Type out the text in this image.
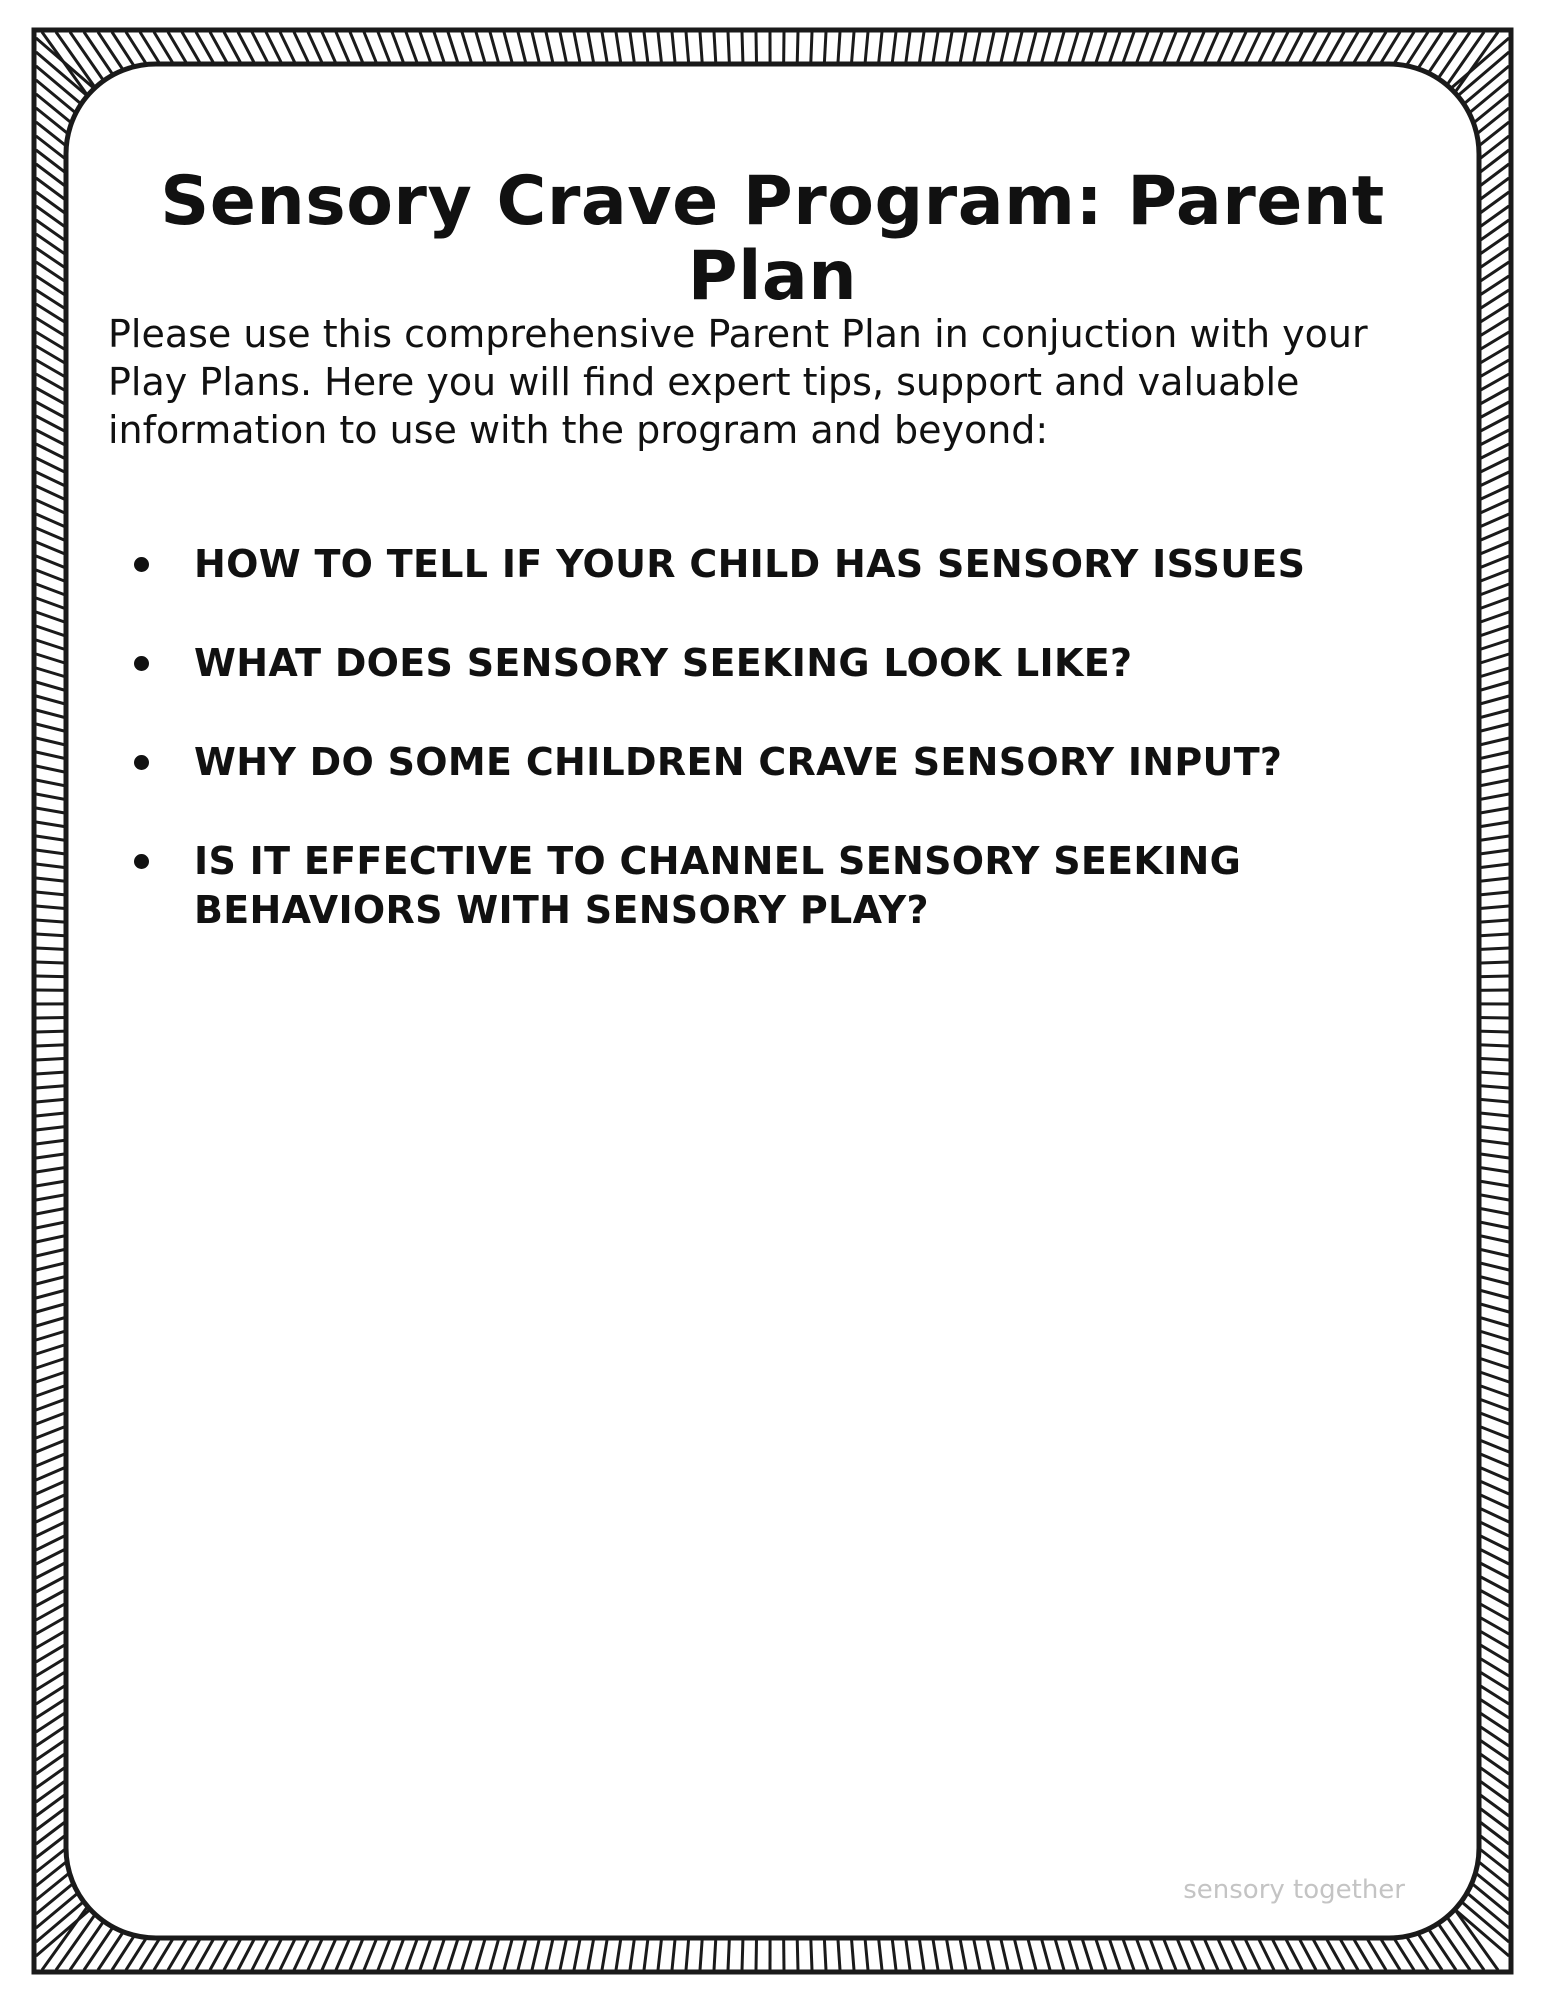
Sensory Crave Program: Parent Plan

Please use this comprehensive Parent Plan in conjuction with your Play Plans. Here you will find expert tips, support and valuable information to use with the program and beyond:

HOW TO TELL IF YOUR CHILD HAS SENSORY ISSUES
WHAT DOES SENSORY SEEKING LOOK LIKE?
WHY DO SOME CHILDREN CRAVE SENSORY INPUT?
IS IT EFFECTIVE TO CHANNEL SENSORY SEEKING BEHAVIORS WITH SENSORY PLAY?

sensory together
